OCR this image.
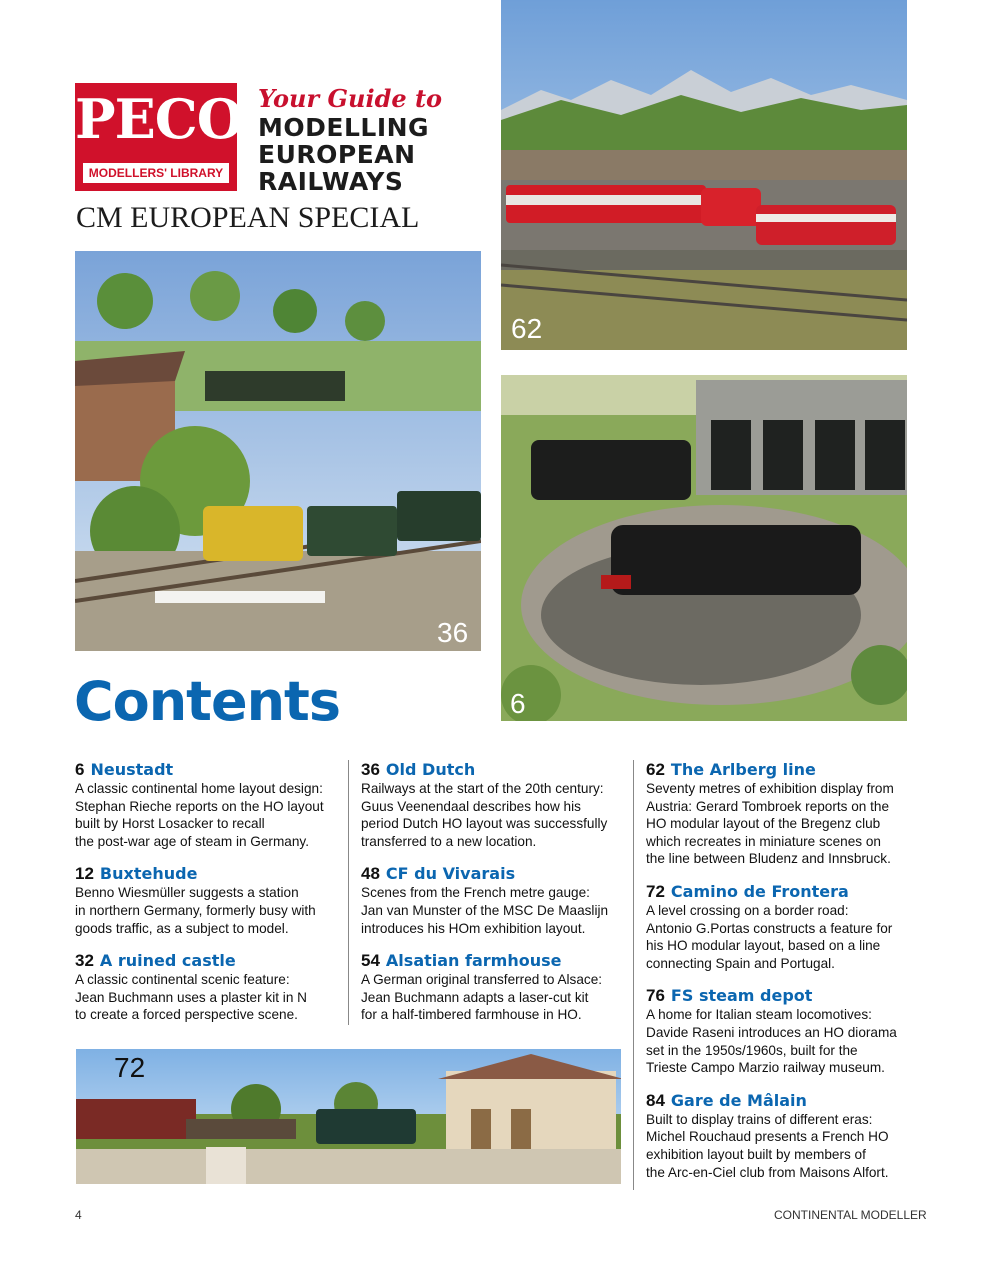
PECO
MODELLERS' LIBRARY
Your Guide to
MODELLING
EUROPEAN
RAILWAYS
CM EUROPEAN SPECIAL
62
36
6
Contents
6 Neustadt
A classic continental home layout design:
Stephan Rieche reports on the HO layout
built by Horst Losacker to recall
the post-war age of steam in Germany.
12 Buxtehude
Benno Wiesmüller suggests a station
in northern Germany, formerly busy with
goods traffic, as a subject to model.
32 A ruined castle
A classic continental scenic feature:
Jean Buchmann uses a plaster kit in N
to create a forced perspective scene.
36 Old Dutch
Railways at the start of the 20th century:
Guus Veenendaal describes how his
period Dutch HO layout was successfully
transferred to a new location.
48 CF du Vivarais
Scenes from the French metre gauge:
Jan van Munster of the MSC De Maaslijn
introduces his HOm exhibition layout.
54 Alsatian farmhouse
A German original transferred to Alsace:
Jean Buchmann adapts a laser-cut kit
for a half-timbered farmhouse in HO.
62 The Arlberg line
Seventy metres of exhibition display from
Austria: Gerard Tombroek reports on the
HO modular layout of the Bregenz club
which recreates in miniature scenes on
the line between Bludenz and Innsbruck.
72 Camino de Frontera
A level crossing on a border road:
Antonio G.Portas constructs a feature for
his HO modular layout, based on a line
connecting Spain and Portugal.
76 FS steam depot
A home for Italian steam locomotives:
Davide Raseni introduces an HO diorama
set in the 1950s/1960s, built for the
Trieste Campo Marzio railway museum.
84 Gare de Mâlain
Built to display trains of different eras:
Michel Rouchaud presents a French HO
exhibition layout built by members of
the Arc-en-Ciel club from Maisons Alfort.
72
4	CONTINENTAL MODELLER
